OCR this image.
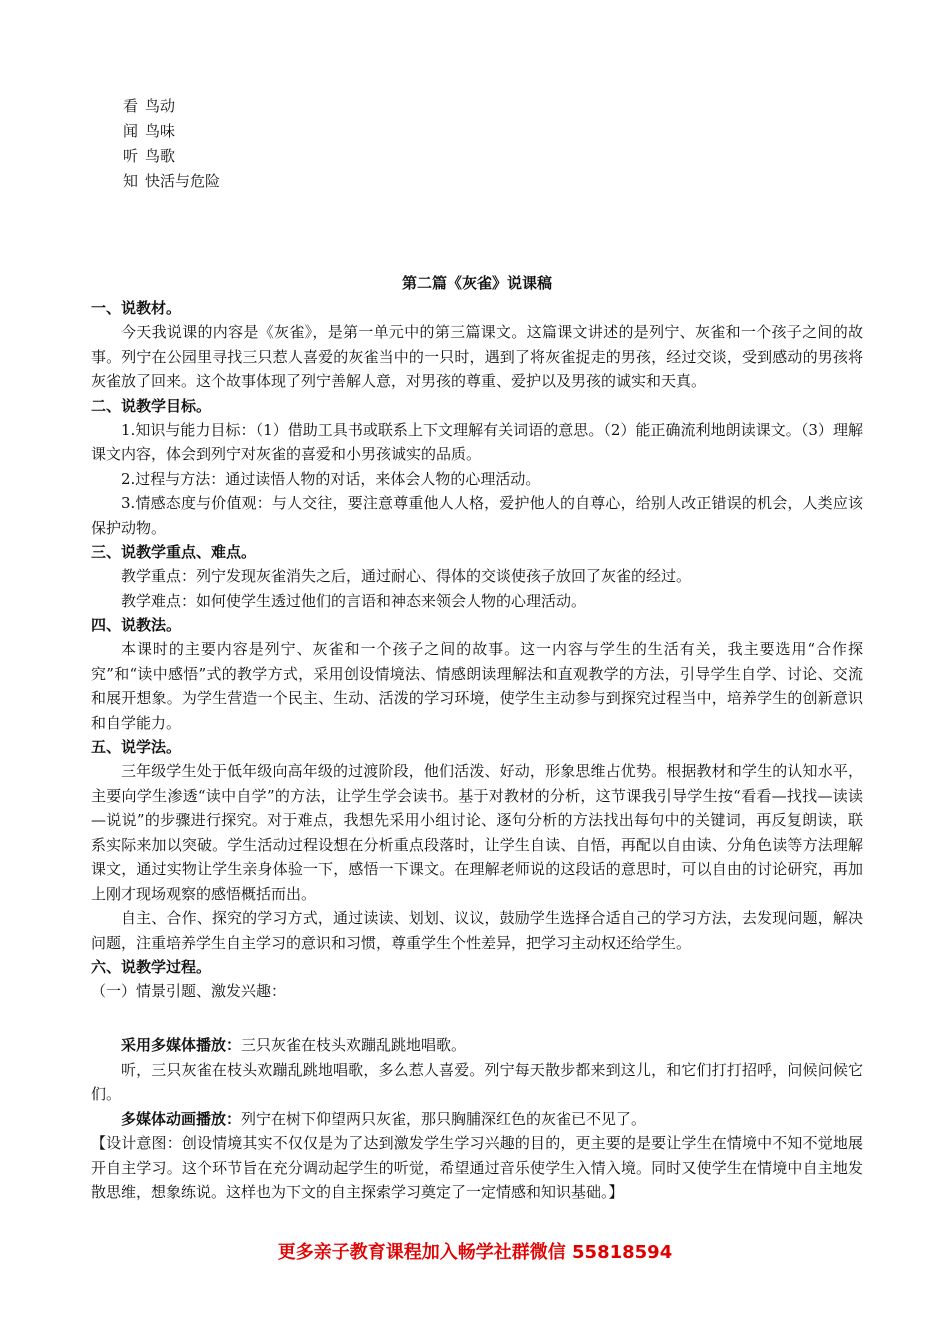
看 鸟动
闻 鸟味
听 鸟歌
知 快活与危险
第二篇《灰雀》说课稿
一、说教材。

今天我说课的内容是《灰雀》，是第一单元中的第三篇课文。这篇课文讲述的是列宁、灰雀和一个孩子之间的故事。列宁在公园里寻找三只惹人喜爱的灰雀当中的一只时，遇到了将灰雀捉走的男孩，经过交谈，受到感动的男孩将灰雀放了回来。这个故事体现了列宁善解人意，对男孩的尊重、爱护以及男孩的诚实和天真。

二、说教学目标。

1.知识与能力目标：（1）借助工具书或联系上下文理解有关词语的意思。（2）能正确流利地朗读课文。（3）理解课文内容，体会到列宁对灰雀的喜爱和小男孩诚实的品质。

2.过程与方法：通过读悟人物的对话，来体会人物的心理活动。

3.情感态度与价值观：与人交往，要注意尊重他人人格，爱护他人的自尊心，给别人改正错误的机会，人类应该保护动物。

三、说教学重点、难点。

教学重点：列宁发现灰雀消失之后，通过耐心、得体的交谈使孩子放回了灰雀的经过。

教学难点：如何使学生透过他们的言语和神态来领会人物的心理活动。

四、说教法。

本课时的主要内容是列宁、灰雀和一个孩子之间的故事。这一内容与学生的生活有关，我主要选用“合作探究”和“读中感悟”式的教学方式，采用创设情境法、情感朗读理解法和直观教学的方法，引导学生自学、讨论、交流和展开想象。为学生营造一个民主、生动、活泼的学习环境，使学生主动参与到探究过程当中，培养学生的创新意识和自学能力。

五、说学法。

三年级学生处于低年级向高年级的过渡阶段，他们活泼、好动，形象思维占优势。根据教材和学生的认知水平，主要向学生渗透“读中自学”的方法，让学生学会读书。基于对教材的分析，这节课我引导学生按“看看—找找—读读—说说”的步骤进行探究。对于难点，我想先采用小组讨论、逐句分析的方法找出每句中的关键词，再反复朗读，联系实际来加以突破。学生活动过程设想在分析重点段落时，让学生自读、自悟，再配以自由读、分角色读等方法理解课文，通过实物让学生亲身体验一下，感悟一下课文。在理解老师说的这段话的意思时，可以自由的讨论研究，再加上刚才现场观察的感悟概括而出。

自主、合作、探究的学习方式，通过读读、划划、议议，鼓励学生选择合适自己的学习方法，去发现问题，解决问题，注重培养学生自主学习的意识和习惯，尊重学生个性差异，把学习主动权还给学生。

六、说教学过程。

（一）情景引题、激发兴趣：

采用多媒体播放：三只灰雀在枝头欢蹦乱跳地唱歌。

听，三只灰雀在枝头欢蹦乱跳地唱歌，多么惹人喜爱。列宁每天散步都来到这儿，和它们打打招呼，问候问候它们。

多媒体动画播放：列宁在树下仰望两只灰雀，那只胸脯深红色的灰雀已不见了。

【设计意图：创设情境其实不仅仅是为了达到激发学生学习兴趣的目的，更主要的是要让学生在情境中不知不觉地展开自主学习。这个环节旨在充分调动起学生的听觉，希望通过音乐使学生入情入境。同时又使学生在情境中自主地发散思维，想象练说。这样也为下文的自主探索学习奠定了一定情感和知识基础。】

更多亲子教育课程加入畅学社群微信 55818594
